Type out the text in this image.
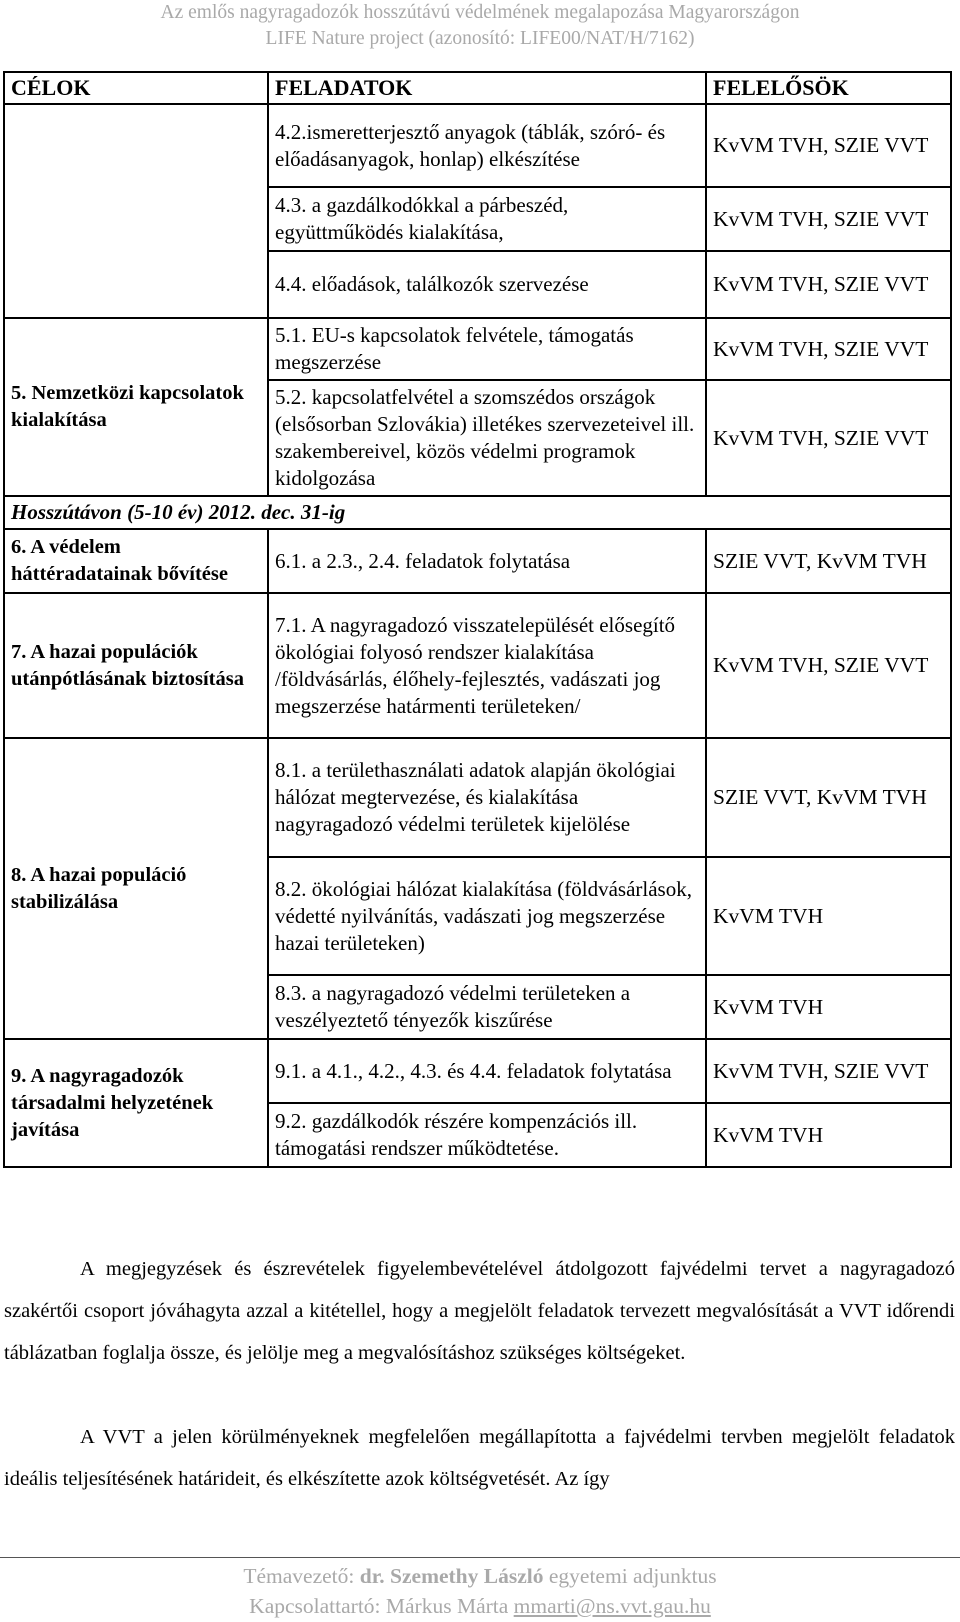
Az emlős nagyragadozók hosszútávú védelmének megalapozása Magyarországon
LIFE Nature project (azonosító: LIFE00/NAT/H/7162)
CÉLOK	FELADATOK	FELELŐSÖK
	4.2.ismeretterjesztő anyagok (táblák, szóró- és előadásanyagok, honlap) elkészítése	KvVM TVH, SZIE VVT
	4.3. a gazdálkodókkal a párbeszéd, együttműködés kialakítása,	KvVM TVH, SZIE VVT
	4.4. előadások, találkozók szervezése	KvVM TVH, SZIE VVT
5. Nemzetközi kapcsolatok kialakítása	5.1. EU-s kapcsolatok felvétele, támogatás megszerzése	KvVM TVH, SZIE VVT
	5.2. kapcsolatfelvétel a szomszédos országok (elsősorban Szlovákia) illetékes szervezeteivel ill. szakembereivel, közös védelmi programok kidolgozása	KvVM TVH, SZIE VVT
Hosszútávon (5-10 év) 2012. dec. 31-ig		
6. A védelem háttéradatainak bővítése	6.1. a 2.3., 2.4. feladatok folytatása	SZIE VVT, KvVM TVH
7. A hazai populációk utánpótlásának biztosítása	7.1. A nagyragadozó visszatelepülését elősegítő ökológiai folyosó rendszer kialakítása /földvásárlás, élőhely-fejlesztés, vadászati jog megszerzése határmenti területeken/	KvVM TVH, SZIE VVT
8. A hazai populáció stabilizálása	8.1. a területhasználati adatok alapján ökológiai hálózat megtervezése, és kialakítása nagyragadozó védelmi területek kijelölése	SZIE VVT, KvVM TVH
	8.2. ökológiai hálózat kialakítása (földvásárlások, védetté nyilvánítás, vadászati jog megszerzése hazai területeken)	KvVM TVH
	8.3. a nagyragadozó védelmi területeken a veszélyeztető tényezők kiszűrése	KvVM TVH
9. A nagyragadozók társadalmi helyzetének javítása	9.1. a 4.1., 4.2., 4.3. és 4.4. feladatok folytatása	KvVM TVH, SZIE VVT
	9.2. gazdálkodók részére kompenzációs ill. támogatási rendszer működtetése.	KvVM TVH
A megjegyzések és észrevételek figyelembevételével átdolgozott fajvédelmi tervet a nagyragadozó szakértői csoport jóváhagyta azzal a kitétellel, hogy a megjelölt feladatok tervezett megvalósítását a VVT időrendi táblázatban foglalja össze, és jelölje meg a megvalósításhoz szükséges költségeket.
A VVT a jelen körülményeknek megfelelően megállapította a fajvédelmi tervben megjelölt feladatok ideális teljesítésének határideit, és elkészítette azok költségvetését. Az így
Témavezető: dr. Szemethy László egyetemi adjunktus
Kapcsolattartó: Márkus Márta mmarti@ns.vvt.gau.hu
